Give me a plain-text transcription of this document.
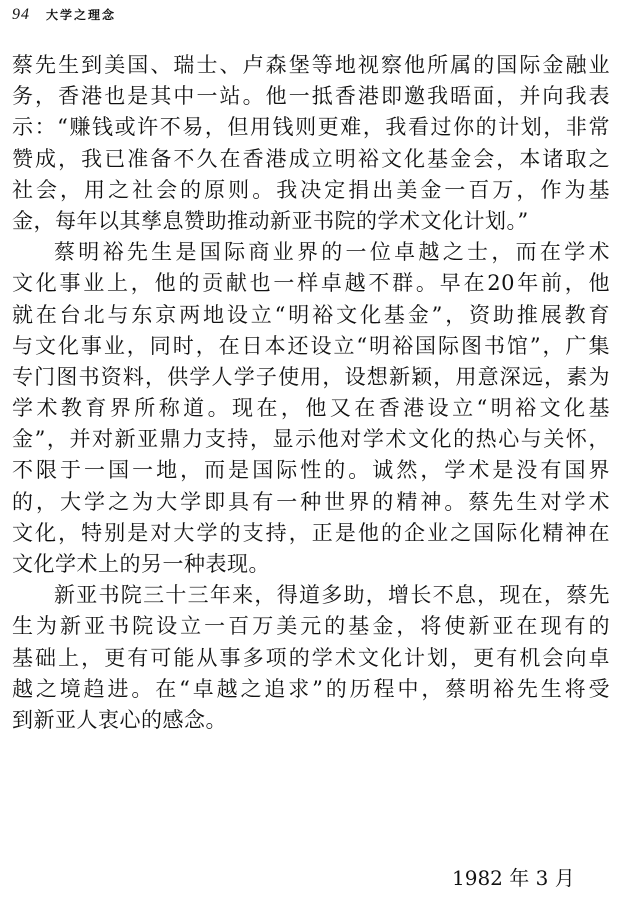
94 大学之理念
蔡先生到美国、瑞士、卢森堡等地视察他所属的国际金融业
务，香港也是其中一站。他一抵香港即邀我晤面，并向我表
示：“赚钱或许不易，但用钱则更难，我看过你的计划，非常
赞成，我已准备不久在香港成立明裕文化基金会，本诸取之
社会，用之社会的原则。我决定捐出美金一百万，作为基
金，每年以其孳息赞助推动新亚书院的学术文化计划。”
蔡明裕先生是国际商业界的一位卓越之士，而在学术
文化事业上，他的贡献也一样卓越不群。早在20年前，他
就在台北与东京两地设立“明裕文化基金”，资助推展教育
与文化事业，同时，在日本还设立“明裕国际图书馆”，广集
专门图书资料，供学人学子使用，设想新颖，用意深远，素为
学术教育界所称道。现在，他又在香港设立“明裕文化基
金”，并对新亚鼎力支持，显示他对学术文化的热心与关怀，
不限于一国一地，而是国际性的。诚然，学术是没有国界
的，大学之为大学即具有一种世界的精神。蔡先生对学术
文化，特别是对大学的支持，正是他的企业之国际化精神在
文化学术上的另一种表现。
新亚书院三十三年来，得道多助，增长不息，现在，蔡先
生为新亚书院设立一百万美元的基金，将使新亚在现有的
基础上，更有可能从事多项的学术文化计划，更有机会向卓
越之境趋进。在“卓越之追求”的历程中，蔡明裕先生将受
到新亚人衷心的感念。
1982 年 3 月
